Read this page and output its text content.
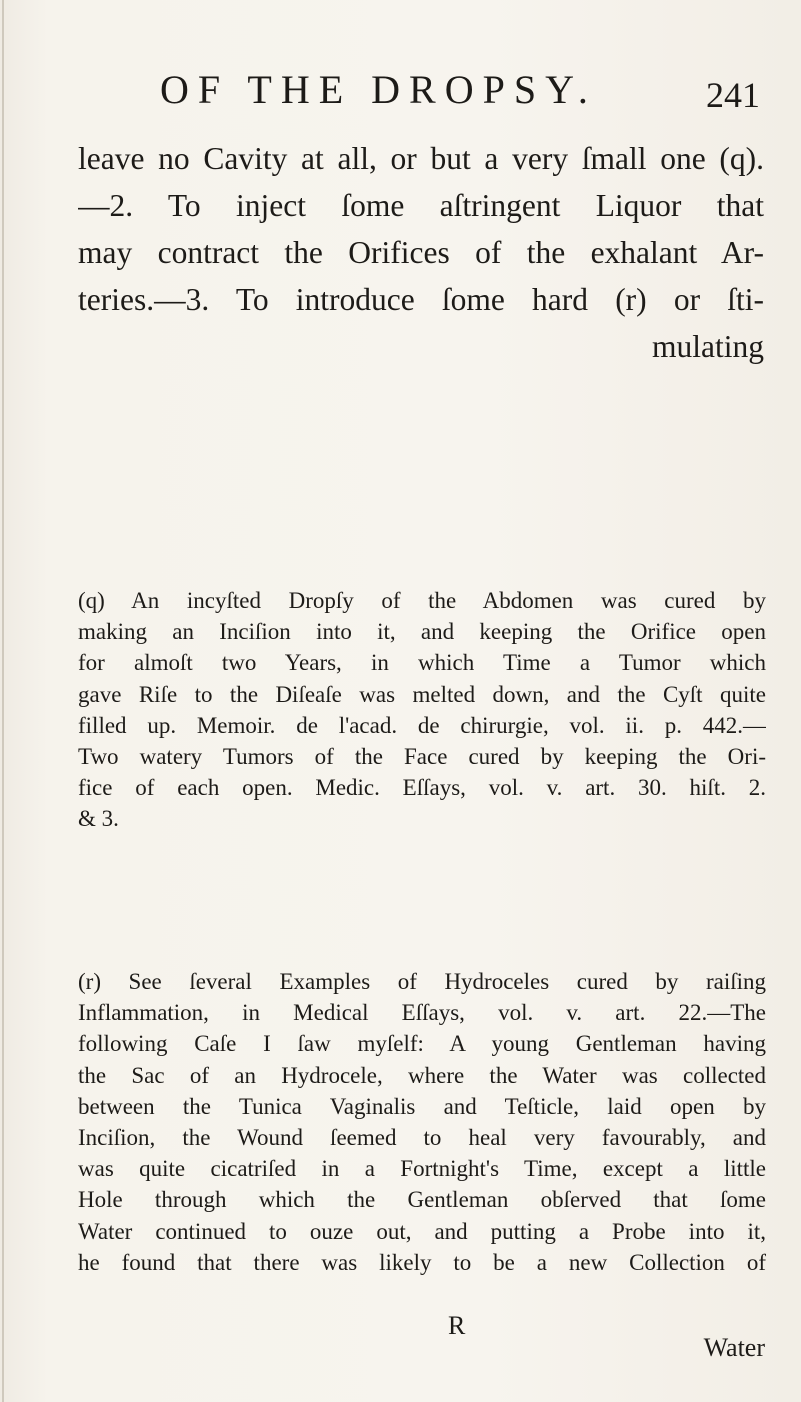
OF THE DROPSY.	241
leave no Cavity at all, or but a very ſmall one (q).
—2. To inject ſome aſtringent Liquor that
may contract the Orifices of the exhalant Ar-
teries.—3. To introduce ſome hard (r) or ſti-
mulating
(q) An incyſted Dropſy of the Abdomen was cured by
making an Inciſion into it, and keeping the Orifice open
for almoſt two Years, in which Time a Tumor which
gave Riſe to the Diſeaſe was melted down, and the Cyſt quite
filled up. Memoir. de l'acad. de chirurgie, vol. ii. p. 442.—
Two watery Tumors of the Face cured by keeping the Ori-
fice of each open. Medic. Eſſays, vol. v. art. 30. hiſt. 2.
& 3.
(r) See ſeveral Examples of Hydroceles cured by raiſing
Inflammation, in Medical Eſſays, vol. v. art. 22.—The
following Caſe I ſaw myſelf: A young Gentleman having
the Sac of an Hydrocele, where the Water was collected
between the Tunica Vaginalis and Teſticle, laid open by
Inciſion, the Wound ſeemed to heal very favourably, and
was quite cicatriſed in a Fortnight's Time, except a little
Hole through which the Gentleman obſerved that ſome
Water continued to ouze out, and putting a Probe into it,
he found that there was likely to be a new Collection of
R
Water
